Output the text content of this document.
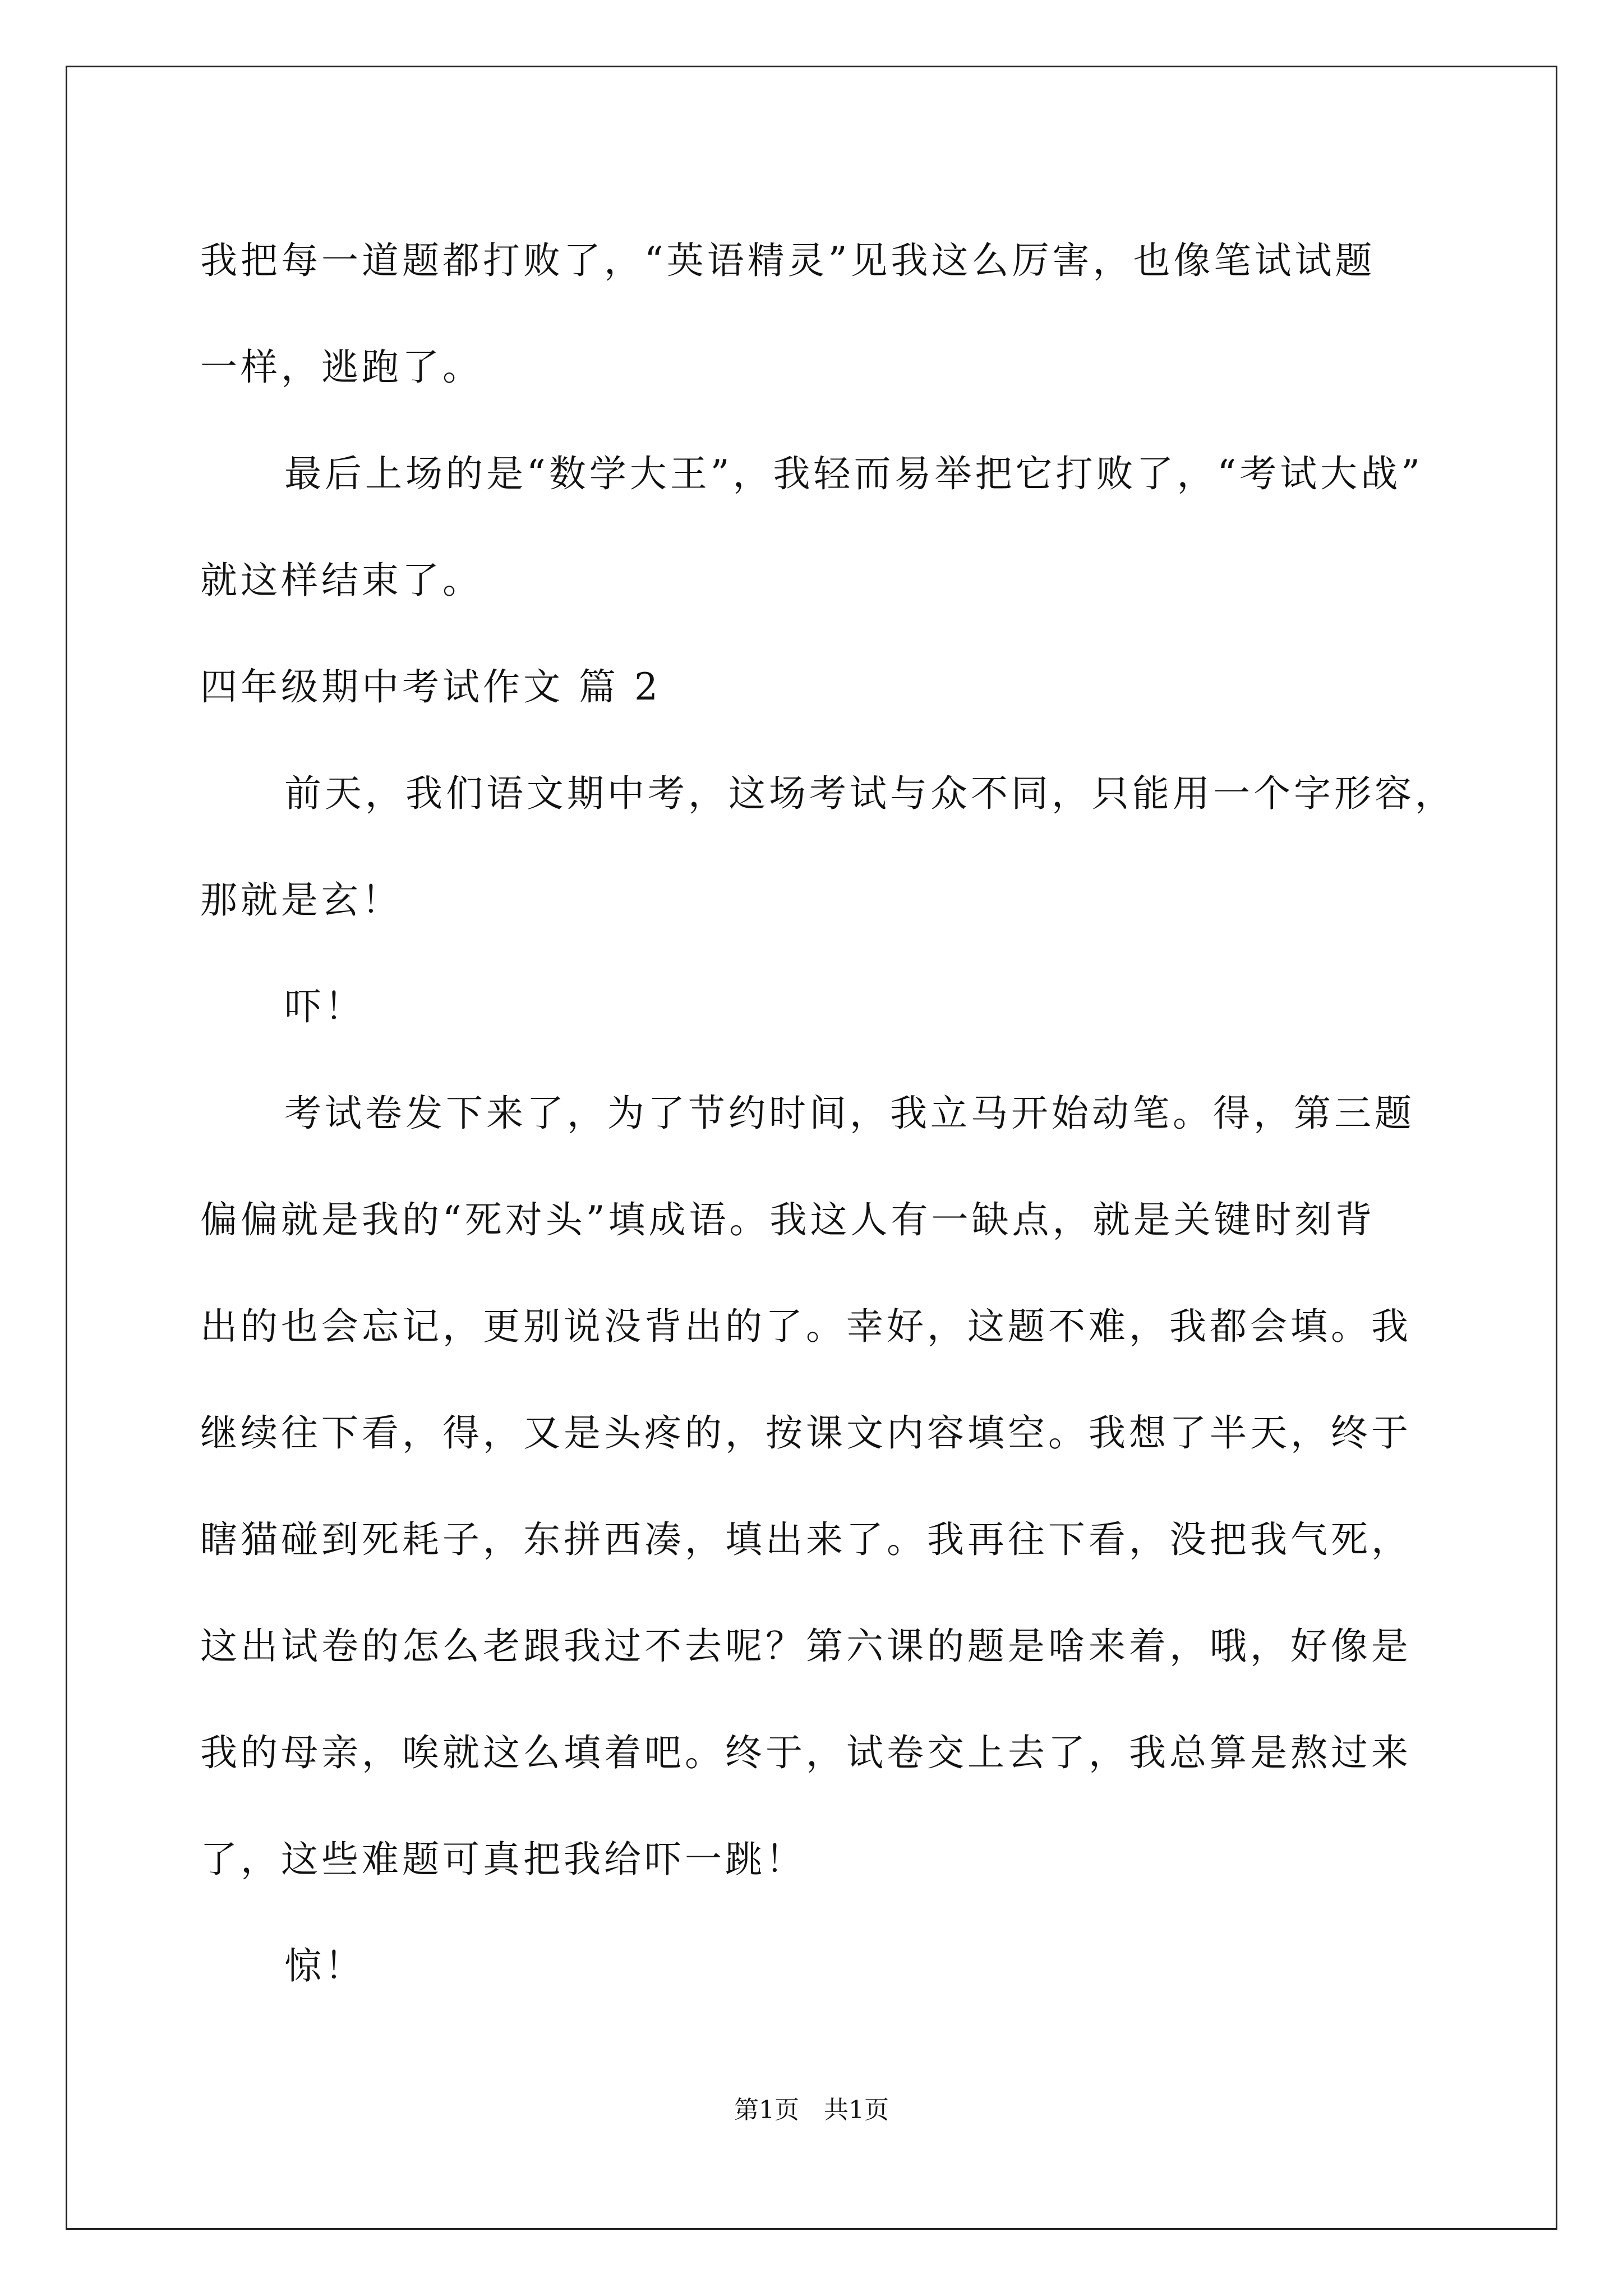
我把每一道题都打败了，“英语精灵”见我这么厉害，也像笔试试题
一样，逃跑了。
最后上场的是“数学大王”，我轻而易举把它打败了，“考试大战”
就这样结束了。
四年级期中考试作文 篇 2
前天，我们语文期中考，这场考试与众不同，只能用一个字形容，
那就是玄！
吓！
考试卷发下来了，为了节约时间，我立马开始动笔。得，第三题
偏偏就是我的“死对头”填成语。我这人有一缺点，就是关键时刻背
出的也会忘记，更别说没背出的了。幸好，这题不难，我都会填。我
继续往下看，得，又是头疼的，按课文内容填空。我想了半天，终于
瞎猫碰到死耗子，东拼西凑，填出来了。我再往下看，没把我气死，
这出试卷的怎么老跟我过不去呢？第六课的题是啥来着，哦，好像是
我的母亲，唉就这么填着吧。终于，试卷交上去了，我总算是熬过来
了，这些难题可真把我给吓一跳！
惊！
第1页　共1页
